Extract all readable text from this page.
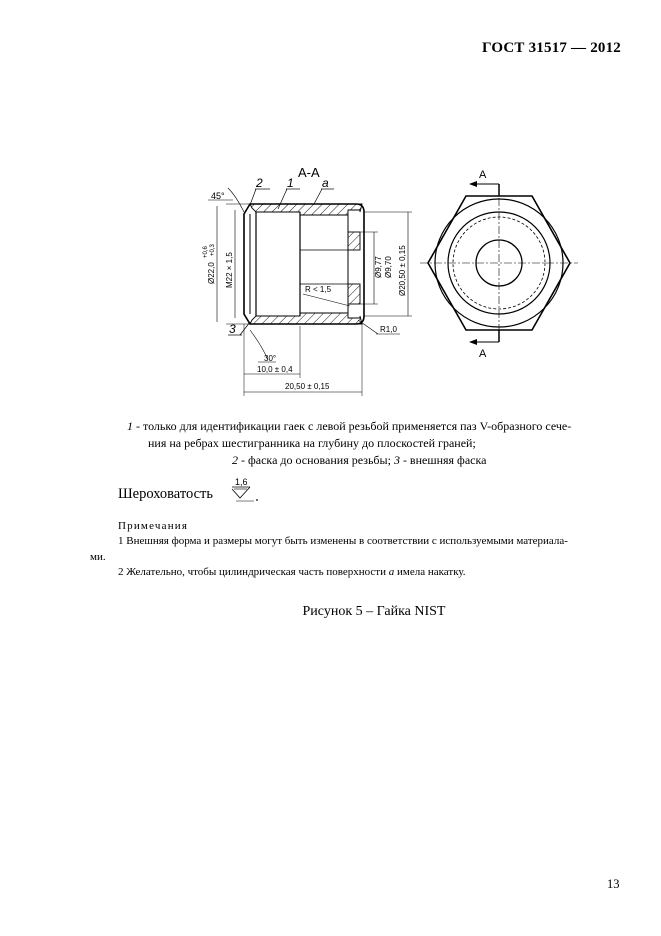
ГОСТ 31517 — 2012
А-А
2 1 a
3
45°
Ø22,0
+0,6 +0,3
M22 × 1,5
R < 1,5
Ø9,77 Ø9,70 Ø20,50 ± 0,15
R1,0
30°
10,0 ± 0,4
20,50 ± 0,15
А
А
1 - только для идентификации гаек с левой резьбой применяется паз V-образного сече-
ния на ребрах шестигранника на глубину до плоскостей граней;
2 - фаска до основания резьбы; 3 - внешняя фаска
Шероховатость
1,6
Примечания
1 Внешняя форма и размеры могут быть изменены в соответствии с используемыми материала-
ми.
2 Желательно, чтобы цилиндрическая часть поверхности a имела накатку.
Рисунок 5 – Гайка NIST
13
